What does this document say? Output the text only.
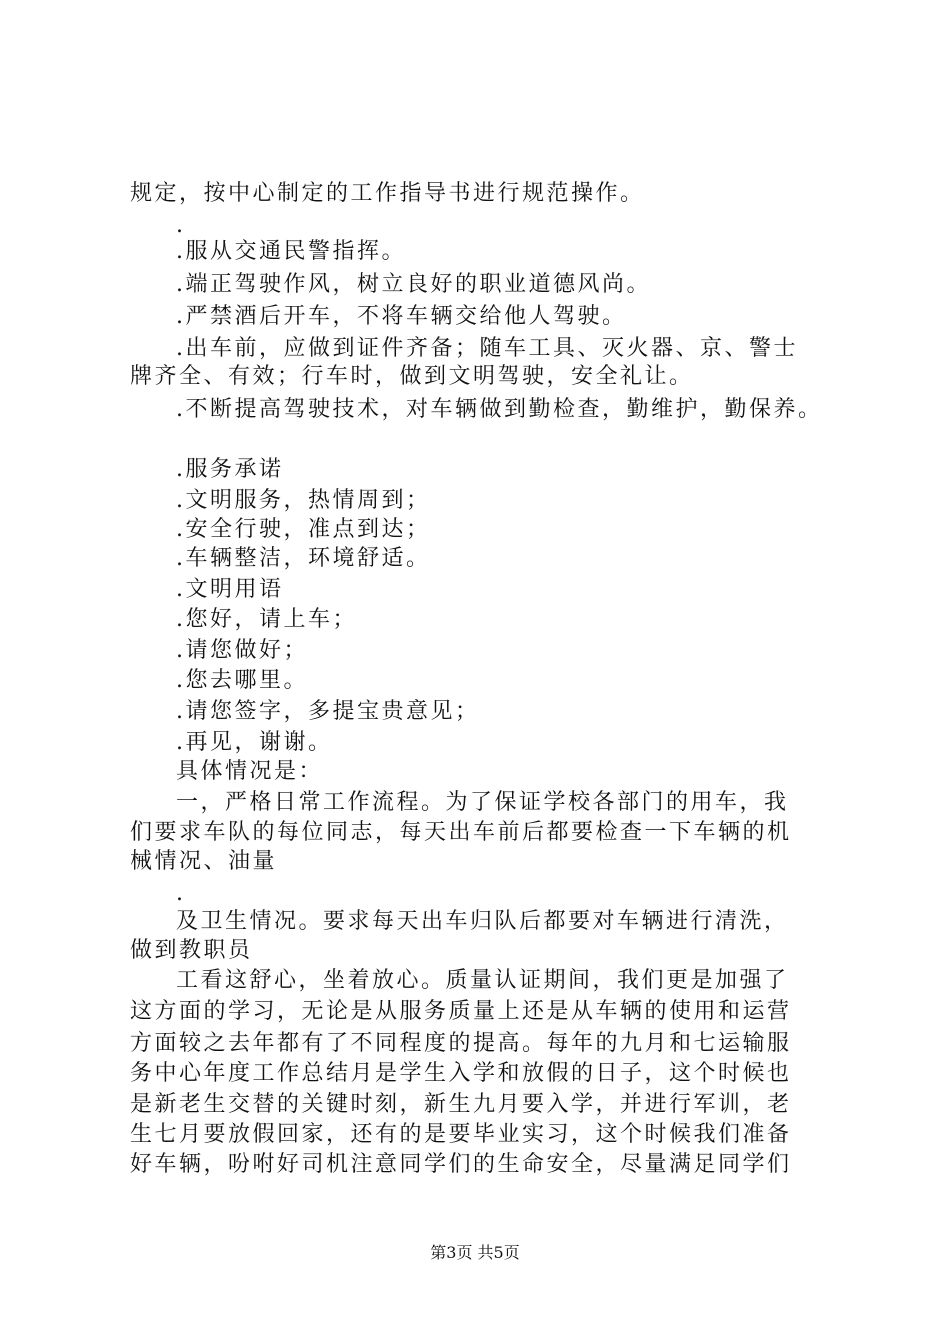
规定，按中心制定的工作指导书进行规范操作。
.
.服从交通民警指挥。
.端正驾驶作风，树立良好的职业道德风尚。
.严禁酒后开车，不将车辆交给他人驾驶。
.出车前，应做到证件齐备；随车工具、灭火器、京、警士
牌齐全、有效；行车时，做到文明驾驶，安全礼让。
.不断提高驾驶技术，对车辆做到勤检查，勤维护，勤保养。
.服务承诺
.文明服务，热情周到；
.安全行驶，准点到达；
.车辆整洁，环境舒适。
.文明用语
.您好，请上车；
.请您做好；
.您去哪里。
.请您签字，多提宝贵意见；
.再见，谢谢。
具体情况是：
一，严格日常工作流程。为了保证学校各部门的用车，我
们要求车队的每位同志，每天出车前后都要检查一下车辆的机
械情况、油量
.
及卫生情况。要求每天出车归队后都要对车辆进行清洗，
做到教职员
工看这舒心，坐着放心。质量认证期间，我们更是加强了
这方面的学习，无论是从服务质量上还是从车辆的使用和运营
方面较之去年都有了不同程度的提高。每年的九月和七运输服
务中心年度工作总结月是学生入学和放假的日子，这个时候也
是新老生交替的关键时刻，新生九月要入学，并进行军训，老
生七月要放假回家，还有的是要毕业实习，这个时候我们准备
好车辆，吩咐好司机注意同学们的生命安全，尽量满足同学们
第3页 共5页
